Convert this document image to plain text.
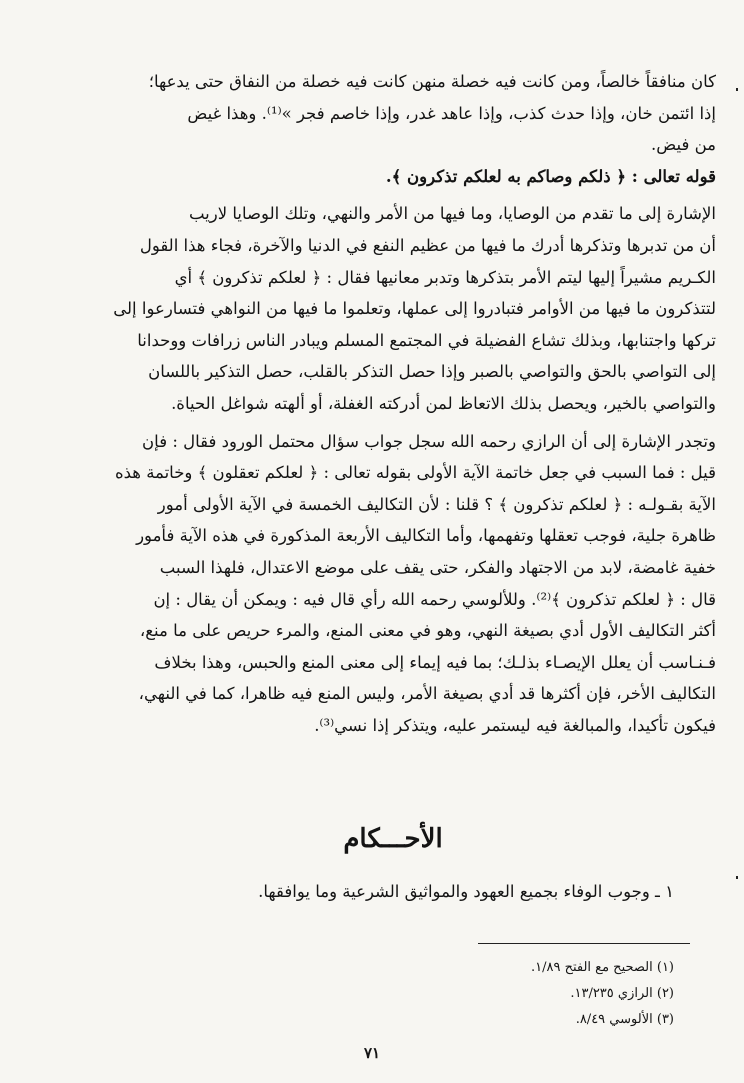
كان منافقاً خالصاً، ومن كانت فيه خصلة منهن كانت فيه خصلة من النفاق حتى يدعها؛
إذا ائتمن خان، وإذا حدث كذب، وإذا عاهد غدر، وإذا خاصم فجر »⁽¹⁾. وهذا غيض
من فيض.
قوله تعالى : ﴿ ذلكم وصاكم به لعلكم تذكرون ﴾.
الإشارة إلى ما تقدم من الوصايا، وما فيها من الأمر والنهي، وتلك الوصايا لاريب
أن من تدبرها وتذكرها أدرك ما فيها من عظيم النفع في الدنيا والآخرة، فجاء هذا القول
الكـريم مشيراً إليها ليتم الأمر بتذكرها وتدبر معانيها فقال : ﴿ لعلكم تذكرون ﴾ أي
لتتذكرون ما فيها من الأوامر فتبادروا إلى عملها، وتعلموا ما فيها من النواهي فتسارعوا إلى
تركها واجتنابها، وبذلك تشاع الفضيلة في المجتمع المسلم ويبادر الناس زرافات ووحدانا
إلى التواصي بالحق والتواصي بالصبر وإذا حصل التذكر بالقلب، حصل التذكير باللسان
والتواصي بالخير، ويحصل بذلك الاتعاظ لمن أدركته الغفلة، أو ألهته شواغل الحياة.
وتجدر الإشارة إلى أن الرازي رحمه الله سجل جواب سؤال محتمل الورود فقال : فإن
قيل : فما السبب في جعل خاتمة الآية الأولى بقوله تعالى : ﴿ لعلكم تعقلون ﴾ وخاتمة هذه
الآية بقـولـه : ﴿ لعلكم تذكرون ﴾ ؟ قلنا : لأن التكاليف الخمسة في الآية الأولى أمور
ظاهرة جلية، فوجب تعقلها وتفهمها، وأما التكاليف الأربعة المذكورة في هذه الآية فأمور
خفية غامضة، لابد من الاجتهاد والفكر، حتى يقف على موضع الاعتدال، فلهذا السبب
قال : ﴿ لعلكم تذكرون ﴾⁽²⁾. وللألوسي رحمه الله رأي قال فيه : ويمكن أن يقال : إن
أكثر التكاليف الأول أدي بصيغة النهي، وهو في معنى المنع، والمرء حريص على ما منع،
فـنـاسب أن يعلل الإيصـاء بذلـك؛ بما فيه إيماء إلى معنى المنع والحبس، وهذا بخلاف
التكاليف الأخر، فإن أكثرها قد أدي بصيغة الأمر، وليس المنع فيه ظاهرا، كما في النهي،
فيكون تأكيدا، والمبالغة فيه ليستمر عليه، ويتذكر إذا نسي⁽³⁾.
الأحـــكام
١ ـ وجوب الوفاء بجميع العهود والمواثيق الشرعية وما يوافقها.
(١) الصحيح مع الفتح ١/٨٩.
(٢) الرازي ١٣/٢٣٥.
(٣) الألوسي ٨/٤٩.
٧١
